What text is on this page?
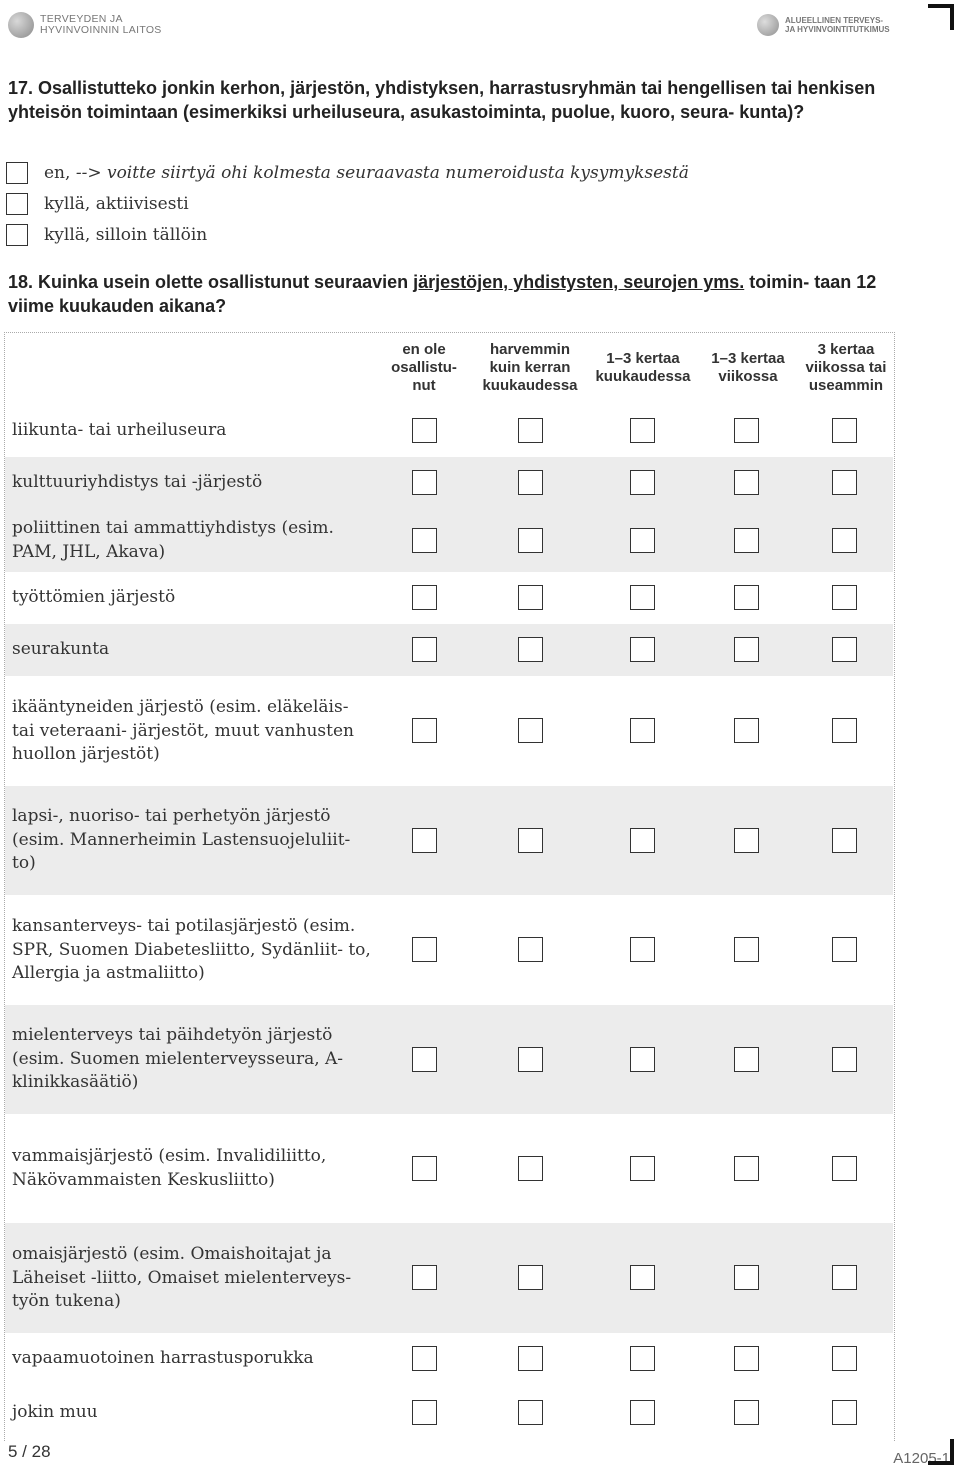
TERVEYDEN JA
HYVINVOINNIN LAITOS
ALUEELLINEN TERVEYS-
JA HYVINVOINTITUTKIMUS
17. Osallistutteko jonkin kerhon, järjestön, yhdistyksen, harrastusryhmän tai hengellisen tai henkisen yhteisön toimintaan (esimerkiksi urheiluseura, asukastoiminta, puolue, kuoro, seura- kunta)?
en, --> voitte siirtyä ohi kolmesta seuraavasta numeroidusta kysymyksestä
kyllä, aktiivisesti
kyllä, silloin tällöin
18. Kuinka usein olette osallistunut seuraavien järjestöjen, yhdistysten, seurojen yms. toimin- taan 12 viime kuukauden aikana?
en ole osallistu- nut
harvemmin kuin kerran kuukaudessa
1–3 kertaa kuukaudessa
1–3 kertaa viikossa
3 kertaa viikossa tai useammin
liikunta- tai urheiluseura
kulttuuriyhdistys tai -järjestö
poliittinen tai ammattiyhdistys (esim. PAM, JHL, Akava)
työttömien järjestö
seurakunta
ikääntyneiden järjestö (esim. eläkeläis- tai veteraani- järjestöt, muut vanhusten huollon järjestöt)
lapsi-, nuoriso- tai perhetyön järjestö (esim. Mannerheimin Lastensuojeluliit- to)
kansanterveys- tai potilasjärjestö (esim. SPR, Suomen Diabetesliitto, Sydänliit- to, Allergia ja astmaliitto)
mielenterveys tai päihdetyön järjestö (esim. Suomen mielenterveysseura, A- klinikkasäätiö)
vammaisjärjestö (esim. Invalidiliitto, Näkövammaisten Keskusliitto)
omaisjärjestö (esim. Omaishoitajat ja Läheiset -liitto, Omaiset mielenterveys- työn tukena)
vapaamuotoinen harrastusporukka
jokin muu
5 / 28	A1205-1
